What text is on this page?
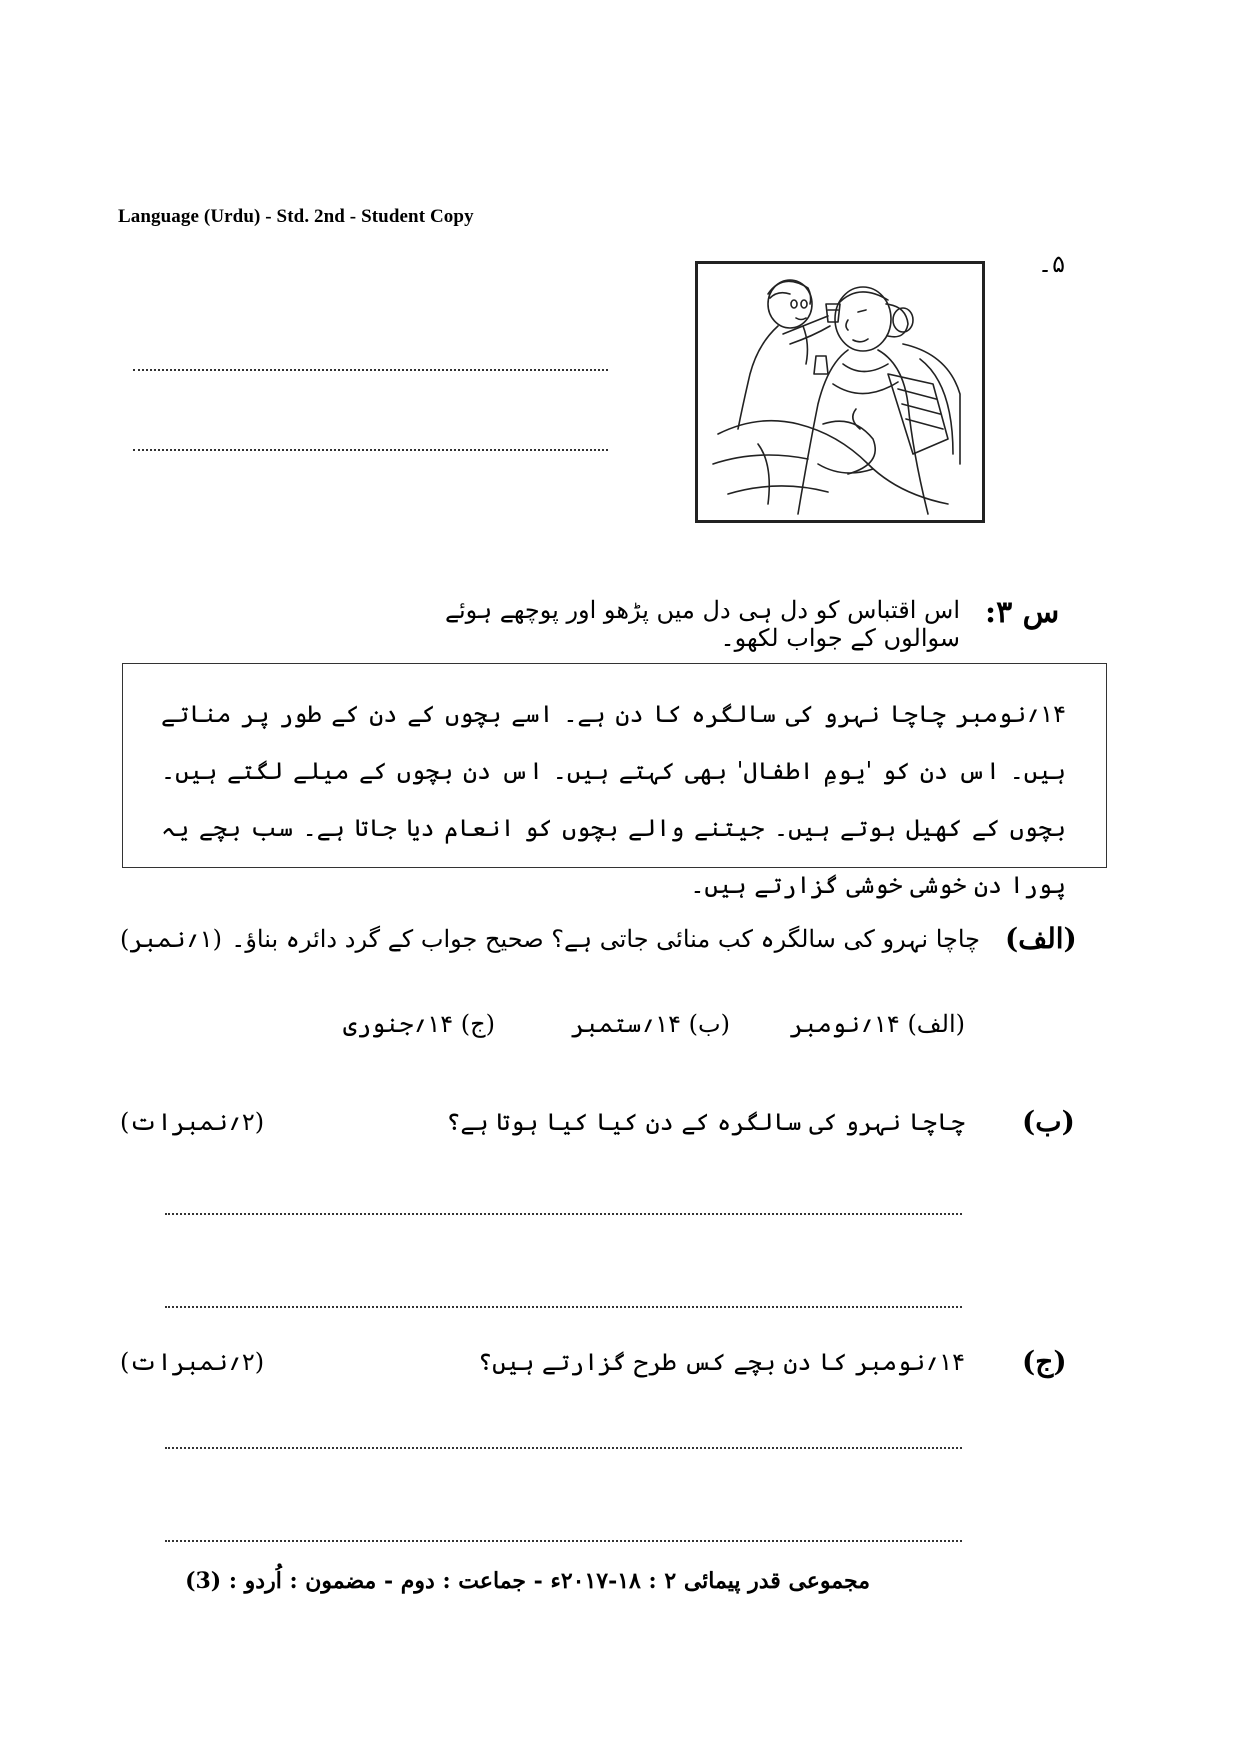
Language (Urdu) - Std. 2nd - Student Copy
۵۔
س ۳:
اس اقتباس کو دل ہی دل میں پڑھو اور پوچھے ہوئے سوالوں کے جواب لکھو۔
۱۴؍نومبر چاچا نہرو کی سالگرہ کا دن ہے۔ اسے بچوں کے دن کے طور پر مناتے ہیں۔ اس دن کو 'یومِ اطفال' بھی کہتے ہیں۔ اس دن بچوں کے میلے لگتے ہیں۔ بچوں کے کھیل ہوتے ہیں۔ جیتنے والے بچوں کو انعام دیا جاتا ہے۔ سب بچے یہ پورا دن خوشی خوشی گزارتے ہیں۔
(الف)
چاچا نہرو کی سالگرہ کب منائی جاتی ہے؟ صحیح جواب کے گرد دائرہ بناؤ۔
(۱؍نمبر)
(الف) ۱۴؍نومبر
(ب) ۱۴؍ستمبر
(ج) ۱۴؍جنوری
(ب)
چاچا نہرو کی سالگرہ کے دن کیا کیا ہوتا ہے؟
(۲؍نمبرات)
(ج)
۱۴؍نومبر کا دن بچے کس طرح گزارتے ہیں؟
(۲؍نمبرات)
مجموعی قدر پیمائی ۲ : ۱۸-۲۰۱۷ء - جماعت : دوم - مضمون : اُردو : (3)
